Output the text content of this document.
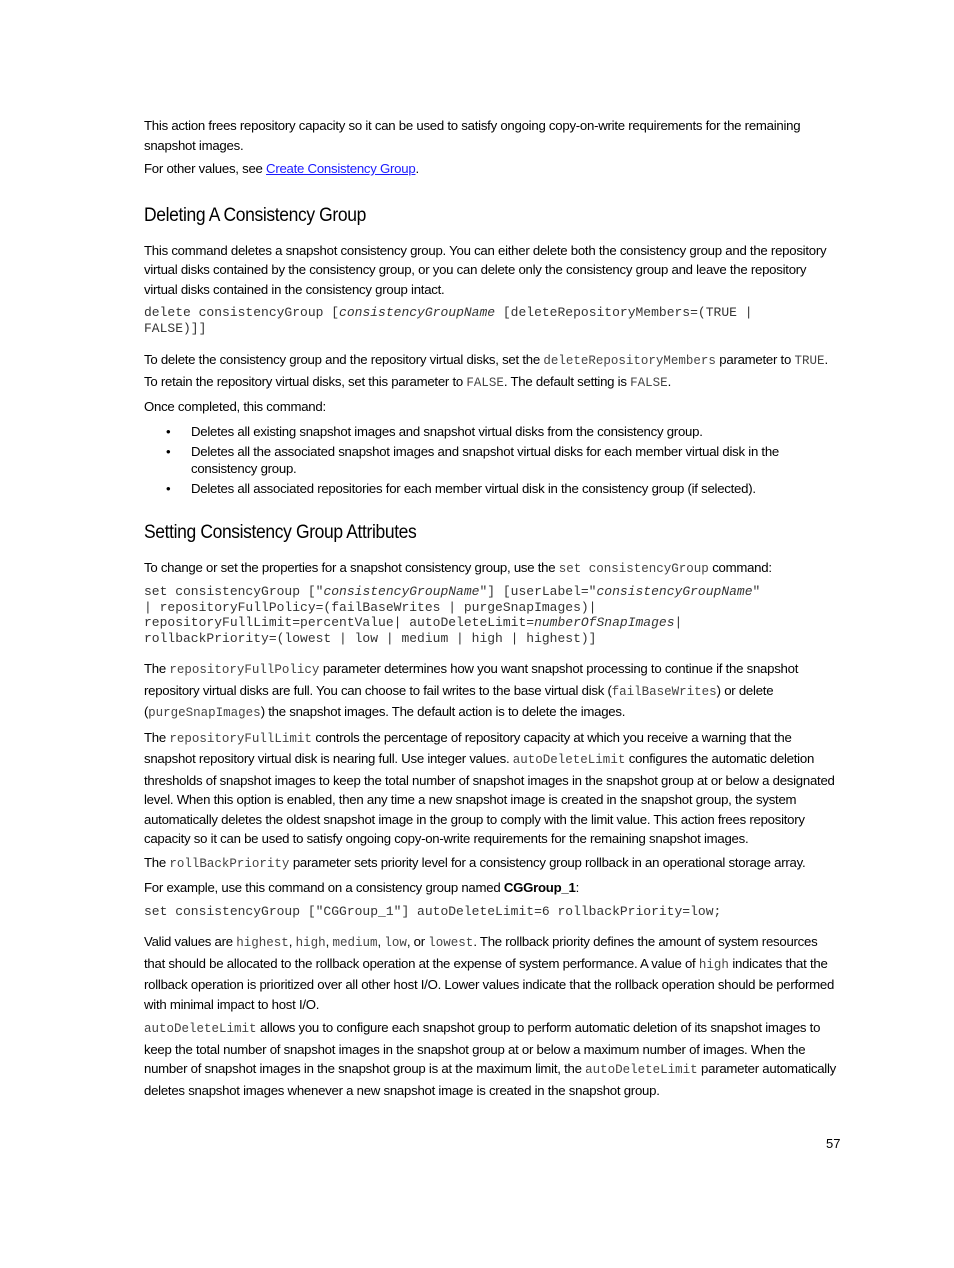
This action frees repository capacity so it can be used to satisfy ongoing copy-on-write requirements for the remaining snapshot images.

For other values, see Create Consistency Group.

Deleting A Consistency Group

This command deletes a snapshot consistency group. You can either delete both the consistency group and the repository virtual disks contained by the consistency group, or you can delete only the consistency group and leave the repository virtual disks contained in the consistency group intact.

delete consistencyGroup [consistencyGroupName [deleteRepositoryMembers=(TRUE |
FALSE)]]

To delete the consistency group and the repository virtual disks, set the deleteRepositoryMembers parameter to TRUE. To retain the repository virtual disks, set this parameter to FALSE. The default setting is FALSE.

Once completed, this command:

• Deletes all existing snapshot images and snapshot virtual disks from the consistency group.
• Deletes all the associated snapshot images and snapshot virtual disks for each member virtual disk in the consistency group.
• Deletes all associated repositories for each member virtual disk in the consistency group (if selected).
Setting Consistency Group Attributes

To change or set the properties for a snapshot consistency group, use the set consistencyGroup command:

set consistencyGroup ["consistencyGroupName"] [userLabel="consistencyGroupName"
| repositoryFullPolicy=(failBaseWrites | purgeSnapImages)|
repositoryFullLimit=percentValue| autoDeleteLimit=numberOfSnapImages|
rollbackPriority=(lowest | low | medium | high | highest)]

The repositoryFullPolicy parameter determines how you want snapshot processing to continue if the snapshot repository virtual disks are full. You can choose to fail writes to the base virtual disk (failBaseWrites) or delete (purgeSnapImages) the snapshot images. The default action is to delete the images.

The repositoryFullLimit controls the percentage of repository capacity at which you receive a warning that the snapshot repository virtual disk is nearing full. Use integer values. autoDeleteLimit configures the automatic deletion thresholds of snapshot images to keep the total number of snapshot images in the snapshot group at or below a designated level. When this option is enabled, then any time a new snapshot image is created in the snapshot group, the system automatically deletes the oldest snapshot image in the group to comply with the limit value. This action frees repository capacity so it can be used to satisfy ongoing copy-on-write requirements for the remaining snapshot images.

The rollBackPriority parameter sets priority level for a consistency group rollback in an operational storage array.

For example, use this command on a consistency group named CGGroup_1:

set consistencyGroup ["CGGroup_1"] autoDeleteLimit=6 rollbackPriority=low;

Valid values are highest, high, medium, low, or lowest. The rollback priority defines the amount of system resources that should be allocated to the rollback operation at the expense of system performance. A value of high indicates that the rollback operation is prioritized over all other host I/O. Lower values indicate that the rollback operation should be performed with minimal impact to host I/O.

autoDeleteLimit allows you to configure each snapshot group to perform automatic deletion of its snapshot images to keep the total number of snapshot images in the snapshot group at or below a maximum number of images. When the number of snapshot images in the snapshot group is at the maximum limit, the autoDeleteLimit parameter automatically deletes snapshot images whenever a new snapshot image is created in the snapshot group.

57
